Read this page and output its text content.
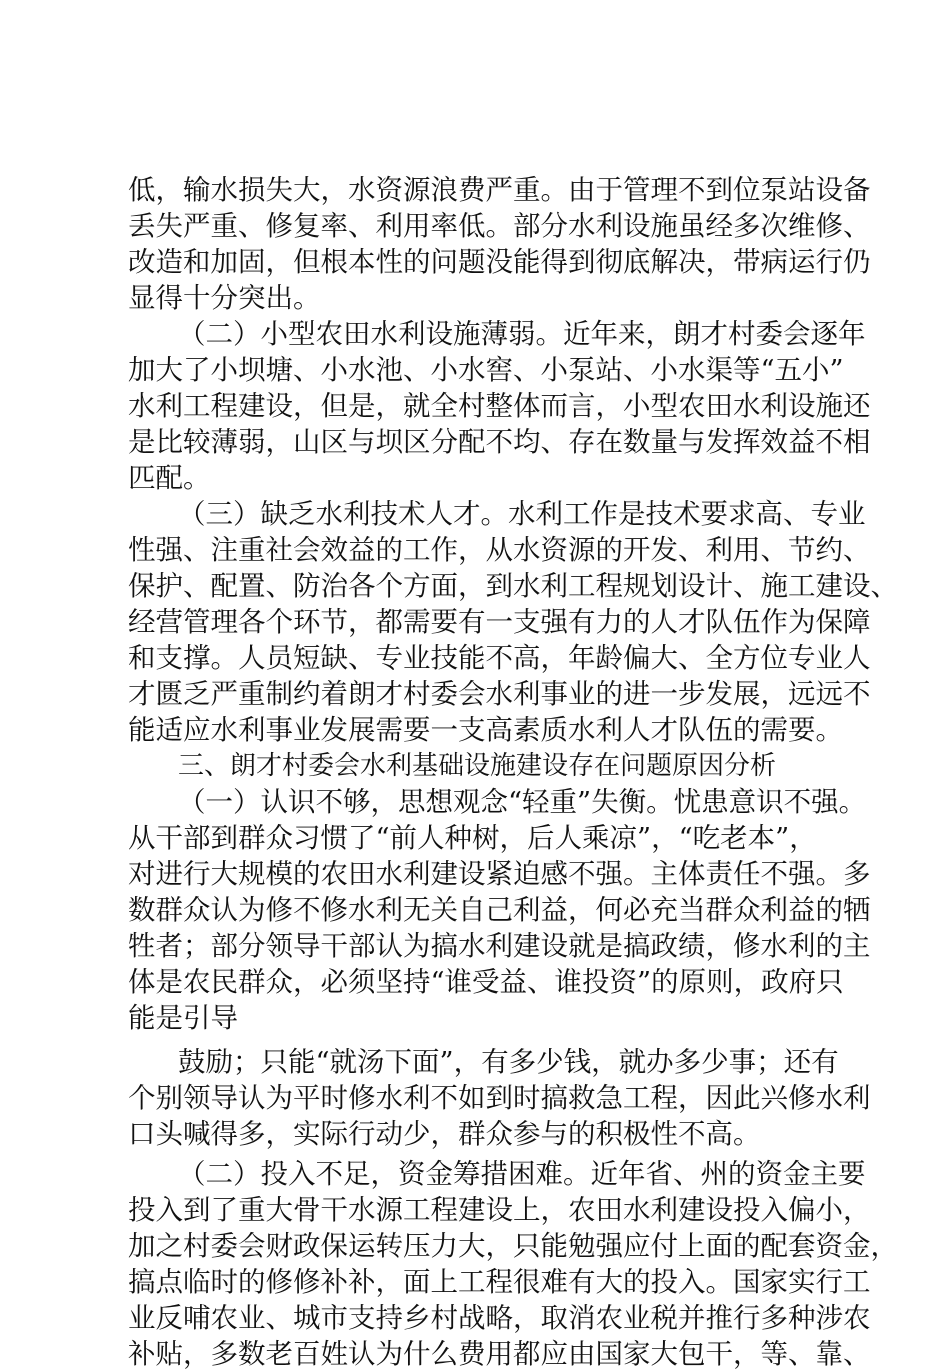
低，输水损失大，水资源浪费严重。由于管理不到位泵站设备
丢失严重、修复率、利用率低。部分水利设施虽经多次维修、
改造和加固，但根本性的问题没能得到彻底解决，带病运行仍
显得十分突出。
（二）小型农田水利设施薄弱。近年来，朗才村委会逐年
加大了小坝塘、小水池、小水窖、小泵站、小水渠等“五小”
水利工程建设，但是，就全村整体而言，小型农田水利设施还
是比较薄弱，山区与坝区分配不均、存在数量与发挥效益不相
匹配。
（三）缺乏水利技术人才。水利工作是技术要求高、专业
性强、注重社会效益的工作，从水资源的开发、利用、节约、
保护、配置、防治各个方面，到水利工程规划设计、施工建设、
经营管理各个环节，都需要有一支强有力的人才队伍作为保障
和支撑。人员短缺、专业技能不高，年龄偏大、全方位专业人
才匮乏严重制约着朗才村委会水利事业的进一步发展，远远不
能适应水利事业发展需要一支高素质水利人才队伍的需要。
三、朗才村委会水利基础设施建设存在问题原因分析
（一）认识不够，思想观念“轻重”失衡。忧患意识不强。
从干部到群众习惯了“前人种树，后人乘凉”，“吃老本”，
对进行大规模的农田水利建设紧迫感不强。主体责任不强。多
数群众认为修不修水利无关自己利益，何必充当群众利益的牺
牲者；部分领导干部认为搞水利建设就是搞政绩，修水利的主
体是农民群众，必须坚持“谁受益、谁投资”的原则，政府只
能是引导
鼓励；只能“就汤下面”，有多少钱，就办多少事；还有
个别领导认为平时修水利不如到时搞救急工程，因此兴修水利
口头喊得多，实际行动少，群众参与的积极性不高。
（二）投入不足，资金筹措困难。近年省、州的资金主要
投入到了重大骨干水源工程建设上，农田水利建设投入偏小，
加之村委会财政保运转压力大，只能勉强应付上面的配套资金，
搞点临时的修修补补，面上工程很难有大的投入。国家实行工
业反哺农业、城市支持乡村战略，取消农业税并推行多种涉农
补贴，多数老百姓认为什么费用都应由国家大包干，等、靠、
